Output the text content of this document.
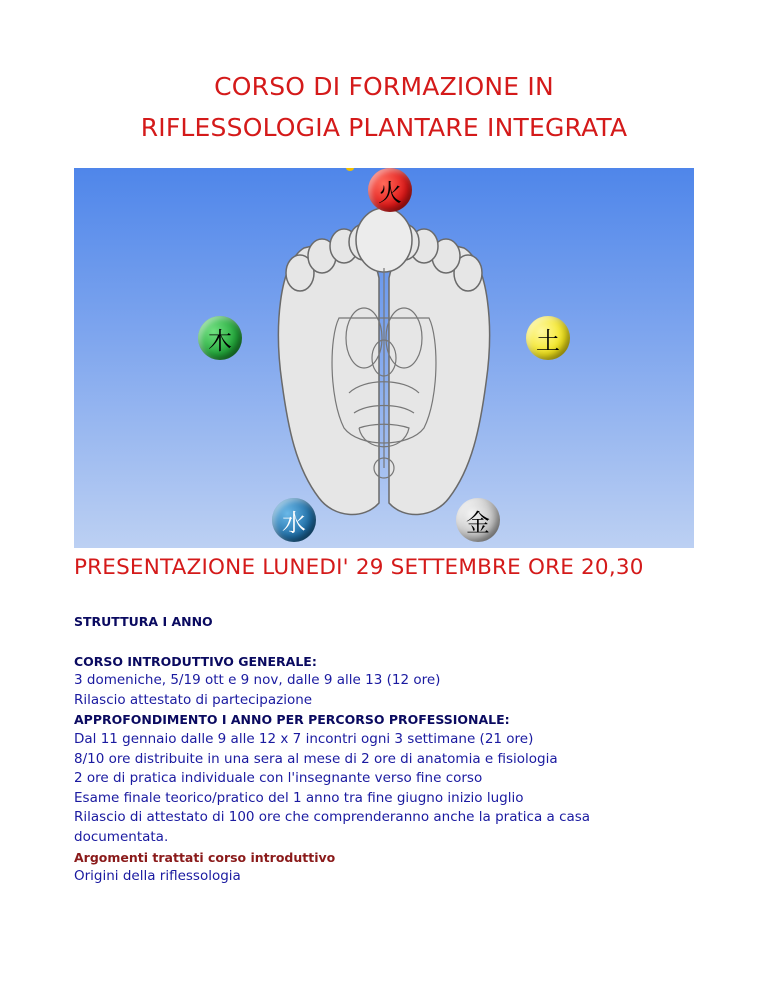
CORSO DI FORMAZIONE IN
RIFLESSOLOGIA PLANTARE INTEGRATA
火
木	土
水	金
PRESENTAZIONE LUNEDI' 29 SETTEMBRE ORE 20,30
STRUTTURA I ANNO
CORSO INTRODUTTIVO GENERALE:
3 domeniche, 5/19 ott e 9 nov, dalle 9 alle 13 (12 ore)
Rilascio attestato di partecipazione
APPROFONDIMENTO I ANNO PER PERCORSO PROFESSIONALE:
Dal 11 gennaio dalle 9 alle 12 x 7 incontri ogni 3 settimane (21 ore)
8/10 ore distribuite in una sera al mese di 2 ore di anatomia e fisiologia
2 ore di pratica individuale con l'insegnante verso fine corso
Esame finale teorico/pratico del 1 anno tra fine giugno inizio luglio
Rilascio di attestato di 100 ore che comprenderanno anche la pratica a casa
documentata.
Argomenti trattati corso introduttivo
Origini della riflessologia
